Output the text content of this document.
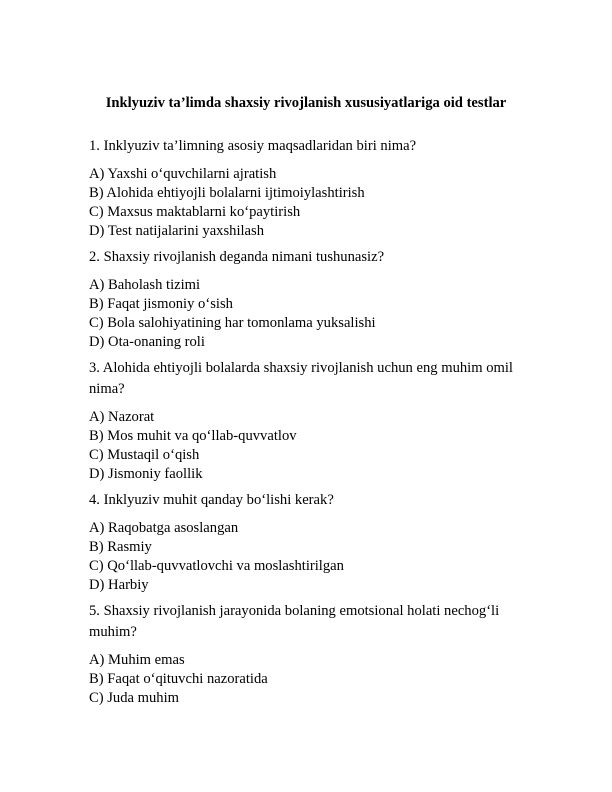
Inklyuziv ta’limda shaxsiy rivojlanish xususiyatlariga oid testlar

1. Inklyuziv ta’limning asosiy maqsadlaridan biri nima?

A) Yaxshi o‘quvchilarni ajratish
B) Alohida ehtiyojli bolalarni ijtimoiylashtirish
C) Maxsus maktablarni ko‘paytirish
D) Test natijalarini yaxshilash

2. Shaxsiy rivojlanish deganda nimani tushunasiz?

A) Baholash tizimi
B) Faqat jismoniy o‘sish
C) Bola salohiyatining har tomonlama yuksalishi
D) Ota-onaning roli

3. Alohida ehtiyojli bolalarda shaxsiy rivojlanish uchun eng muhim omil nima?

A) Nazorat
B) Mos muhit va qo‘llab-quvvatlov
C) Mustaqil o‘qish
D) Jismoniy faollik

4. Inklyuziv muhit qanday bo‘lishi kerak?

A) Raqobatga asoslangan
B) Rasmiy
C) Qo‘llab-quvvatlovchi va moslashtirilgan
D) Harbiy

5. Shaxsiy rivojlanish jarayonida bolaning emotsional holati nechog‘li muhim?

A) Muhim emas
B) Faqat o‘qituvchi nazoratida
C) Juda muhim
